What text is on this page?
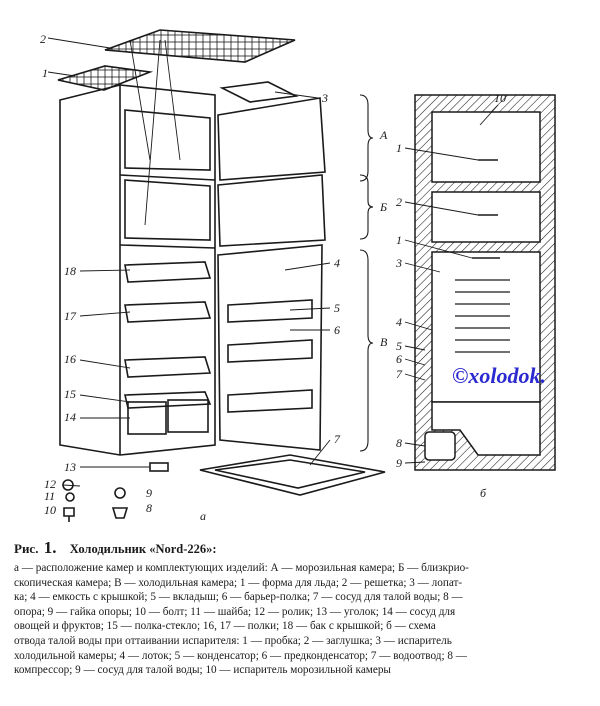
1
2
3
4
5
6
7
8
9
10
11
12
13
14
15
16
17
18
А
Б
В
10
1
2
1
3
4
5
6
7
8
9
а
б
©xolodok.
Рис. 1. Холодильник «Nord-226»:
а — расположение камер и комплектующих изделий: А — морозильная камера; Б — близкрио-
скопическая камера; В — холодильная камера; 1 — форма для льда; 2 — решетка; 3 — лопат-
ка; 4 — емкость с крышкой; 5 — вкладыш; 6 — барьер-полка; 7 — сосуд для талой воды; 8 —
опора; 9 — гайка опоры; 10 — болт; 11 — шайба; 12 — ролик; 13 — уголок; 14 — сосуд для
овощей и фруктов; 15 — полка-стекло; 16, 17 — полки; 18 — бак с крышкой; б — схема
отвода талой воды при оттаивании испарителя: 1 — пробка; 2 — заглушка; 3 — испаритель
холодильной камеры; 4 — лоток; 5 — конденсатор; 6 — предконденсатор; 7 — водоотвод; 8 —
компрессор; 9 — сосуд для талой воды; 10 — испаритель морозильной камеры
